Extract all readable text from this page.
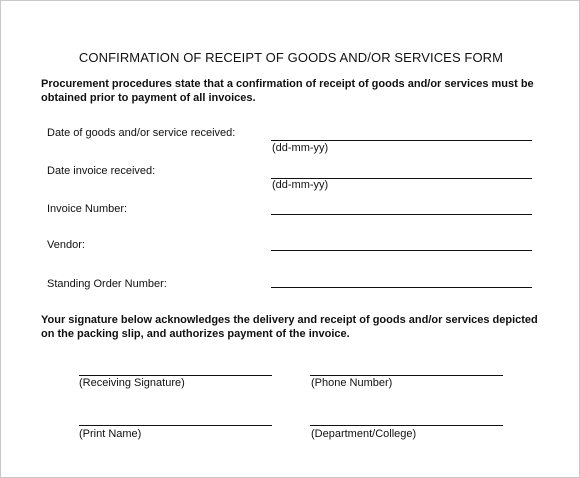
CONFIRMATION OF RECEIPT OF GOODS AND/OR SERVICES FORM
Procurement procedures state that a confirmation of receipt of goods and/or services must be obtained prior to payment of all invoices.
Date of goods and/or service received:
(dd-mm-yy)
Date invoice received:
(dd-mm-yy)
Invoice Number:
Vendor:
Standing Order Number:
Your signature below acknowledges the delivery and receipt of goods and/or services depicted on the packing slip, and authorizes payment of the invoice.
(Receiving Signature)	(Phone Number)
(Print Name)	(Department/College)
